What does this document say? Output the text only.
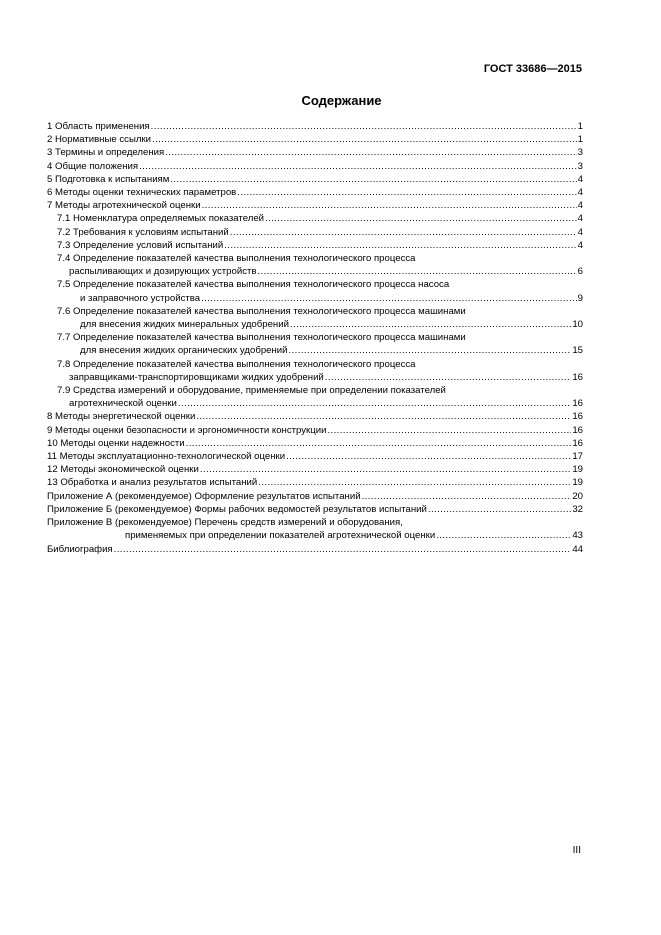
ГОСТ 33686—2015
Содержание
1 Область применения .....	1
2 Нормативные ссылки .....	1
3 Термины и определения .....	3
4 Общие положения .....	3
5 Подготовка к испытаниям .....	4
6 Методы оценки технических параметров .....	4
7 Методы агротехнической оценки .....	4
7.1 Номенклатура определяемых показателей .....	4
7.2 Требования к условиям испытаний .....	4
7.3 Определение условий испытаний .....	4
7.4 Определение показателей качества выполнения технологического процесса
распыливающих и дозирующих устройств .....	6
7.5 Определение показателей качества выполнения технологического процесса насоса
и заправочного устройства .....	9
7.6 Определение показателей качества выполнения технологического процесса машинами
для внесения жидких минеральных удобрений .....	10
7.7 Определение показателей качества выполнения технологического процесса машинами
для внесения жидких органических удобрений .....	15
7.8 Определение показателей качества выполнения технологического процесса
заправщиками-транспортировщиками жидких удобрений .....	16
7.9 Средства измерений и оборудование, применяемые при определении показателей
агротехнической оценки .....	16
8 Методы энергетической оценки .....	16
9 Методы оценки безопасности и эргономичности конструкции .....	16
10 Методы оценки надежности .....	16
11 Методы эксплуатационно-технологической оценки .....	17
12 Методы экономической оценки .....	19
13 Обработка и анализ результатов испытаний .....	19
Приложение А (рекомендуемое) Оформление результатов испытаний .....	20
Приложение Б (рекомендуемое) Формы рабочих ведомостей результатов испытаний .....	32
Приложение В (рекомендуемое) Перечень средств измерений и оборудования,
применяемых при определении показателей агротехнической оценки .....	43
Библиография .....	44
III
